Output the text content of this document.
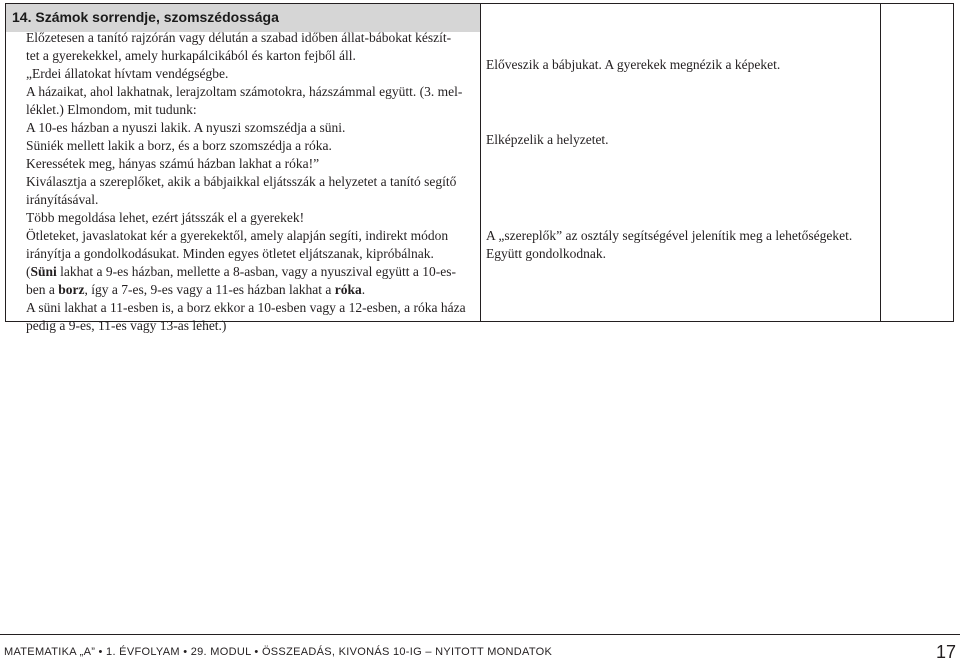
14. Számok sorrendje, szomszédossága
Előzetesen a tanító rajzórán vagy délután a szabad időben állat-bábokat készít-
tet a gyerekekkel, amely hurkapálcikából és karton fejből áll.
„Erdei állatokat hívtam vendégségbe.
A házaikat, ahol lakhatnak, lerajzoltam számotokra, házszámmal együtt. (3. mel-
léklet.) Elmondom, mit tudunk:
A 10-es házban a nyuszi lakik. A nyuszi szomszédja a süni.
Süniék mellett lakik a borz, és a borz szomszédja a róka.
Keressétek meg, hányas számú házban lakhat a róka!”
Kiválasztja a szereplőket, akik a bábjaikkal eljátsszák a helyzetet a tanító segítő
irányításával.
Előveszik a bábjukat. A gyerekek megnézik a képeket.
Elképzelik a helyzetet.
Több megoldása lehet, ezért játsszák el a gyerekek!
Ötleteket, javaslatokat kér a gyerekektől, amely alapján segíti, indirekt módon
irányítja a gondolkodásukat. Minden egyes ötletet eljátszanak, kipróbálnak.
(Süni lakhat a 9-es házban, mellette a 8-asban, vagy a nyuszival együtt a 10-es-
ben a borz, így a 7-es, 9-es vagy a 11-es házban lakhat a róka.
A süni lakhat a 11-esben is, a borz ekkor a 10-esben vagy a 12-esben, a róka háza
pedig a 9-es, 11-es vagy 13-as lehet.)
A „szereplők” az osztály segítségével jelenítik meg a lehetőségeket.
Együtt gondolkodnak.
MATEMATIKA „A” • 1. ÉVFOLYAM • 29. MODUL • ÖSSZEADÁS, KIVONÁS 10-IG – NYITOTT MONDATOK	17
